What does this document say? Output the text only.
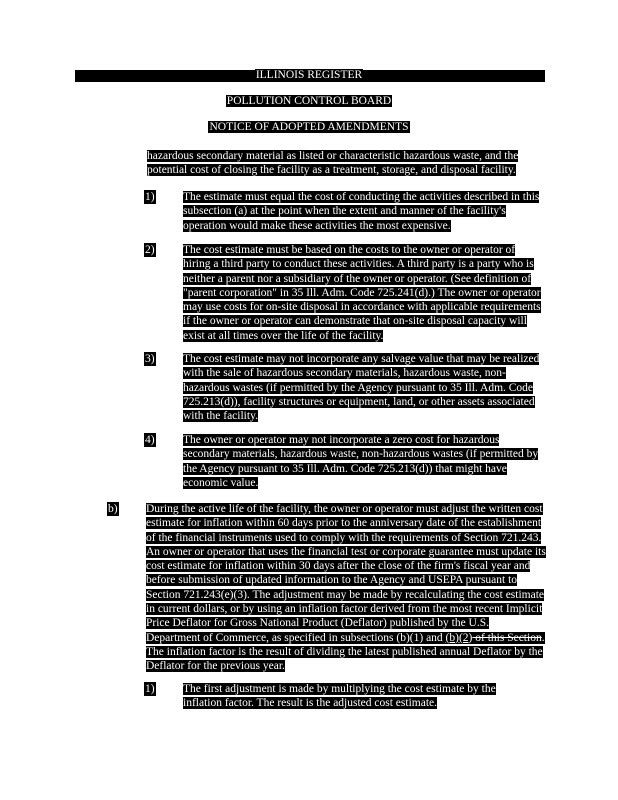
ILLINOIS REGISTER
POLLUTION CONTROL BOARD
NOTICE OF ADOPTED AMENDMENTS
hazardous secondary material as listed or characteristic hazardous waste, and the potential cost of closing the facility as a treatment, storage, and disposal facility.
1) The estimate must equal the cost of conducting the activities described in this subsection (a) at the point when the extent and manner of the facility's operation would make these activities the most expensive.
2) The cost estimate must be based on the costs to the owner or operator of hiring a third party to conduct these activities. A third party is a party who is neither a parent nor a subsidiary of the owner or operator. (See definition of "parent corporation" in 35 Ill. Adm. Code 725.241(d).) The owner or operator may use costs for on-site disposal in accordance with applicable requirements if the owner or operator can demonstrate that on-site disposal capacity will exist at all times over the life of the facility.
3) The cost estimate may not incorporate any salvage value that may be realized with the sale of hazardous secondary materials, hazardous waste, non-hazardous wastes (if permitted by the Agency pursuant to 35 Ill. Adm. Code 725.213(d)), facility structures or equipment, land, or other assets associated with the facility.
4) The owner or operator may not incorporate a zero cost for hazardous secondary materials, hazardous waste, non-hazardous wastes (if permitted by the Agency pursuant to 35 Ill. Adm. Code 725.213(d)) that might have economic value.
b) During the active life of the facility, the owner or operator must adjust the written cost estimate for inflation within 60 days prior to the anniversary date of the establishment of the financial instruments used to comply with the requirements of Section 721.243. An owner or operator that uses the financial test or corporate guarantee must update its cost estimate for inflation within 30 days after the close of the firm's fiscal year and before submission of updated information to the Agency and USEPA pursuant to Section 721.243(e)(3). The adjustment may be made by recalculating the cost estimate in current dollars, or by using an inflation factor derived from the most recent Implicit Price Deflator for Gross National Product (Deflator) published by the U.S. Department of Commerce, as specified in subsections (b)(1) and (b)(2) of this Section. The inflation factor is the result of dividing the latest published annual Deflator by the Deflator for the previous year.
1) The first adjustment is made by multiplying the cost estimate by the inflation factor. The result is the adjusted cost estimate.
